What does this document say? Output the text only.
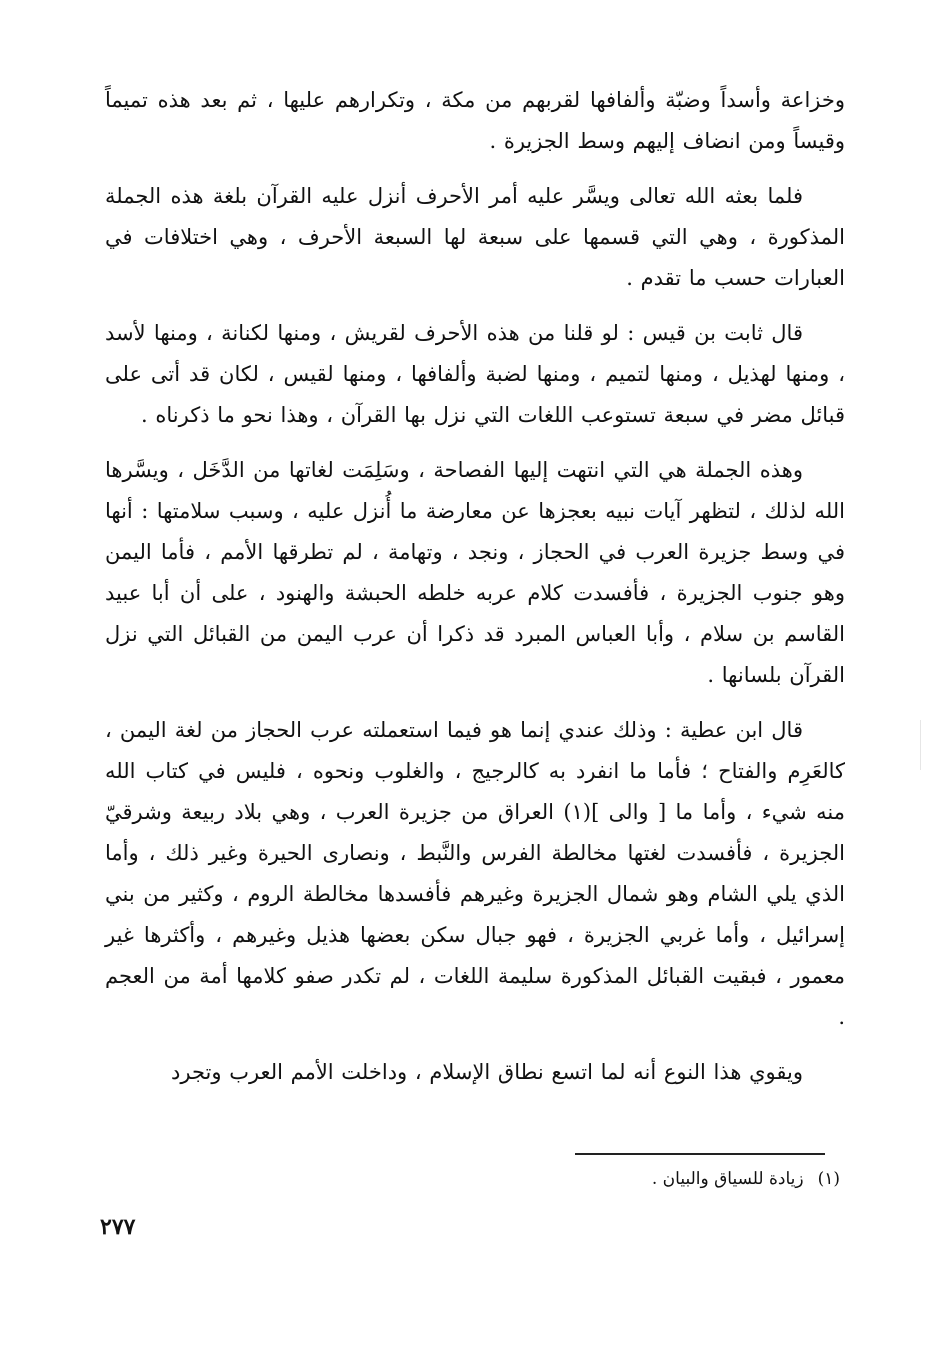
وخزاعة وأسداً وضبّة وألفافها لقربهم من مكة ، وتكرارهم عليها ، ثم بعد هذه تميماً وقيساً ومن انضاف إليهم وسط الجزيرة .

فلما بعثه الله تعالى ويسَّر عليه أمر الأحرف أنزل عليه القرآن بلغة هذه الجملة المذكورة ، وهي التي قسمها على سبعة لها السبعة الأحرف ، وهي اختلافات في العبارات حسب ما تقدم .

قال ثابت بن قيس : لو قلنا من هذه الأحرف لقريش ، ومنها لكنانة ، ومنها لأسد ، ومنها لهذيل ، ومنها لتميم ، ومنها لضبة وألفافها ، ومنها لقيس ، لكان قد أتى على قبائل مضر في سبعة تستوعب اللغات التي نزل بها القرآن ، وهذا نحو ما ذكرناه .

وهذه الجملة هي التي انتهت إليها الفصاحة ، وسَلِمَت لغاتها من الدَّخَل ، ويسَّرها الله لذلك ، لتظهر آيات نبيه بعجزها عن معارضة ما أُنزل عليه ، وسبب سلامتها : أنها في وسط جزيرة العرب في الحجاز ، ونجد ، وتهامة ، لم تطرقها الأمم ، فأما اليمن وهو جنوب الجزيرة ، فأفسدت كلام عربه خلطه الحبشة والهنود ، على أن أبا عبيد القاسم بن سلام ، وأبا العباس المبرد قد ذكرا أن عرب اليمن من القبائل التي نزل القرآن بلسانها .

قال ابن عطية : وذلك عندي إنما هو فيما استعملته عرب الحجاز من لغة اليمن ، كالعَرِم والفتاح ؛ فأما ما انفرد به كالرجيج ، والغلوب ونحوه ، فليس في كتاب الله منه شيء ، وأما ما [ والى ](١) العراق من جزيرة العرب ، وهي بلاد ربيعة وشرقيّ الجزيرة ، فأفسدت لغتها مخالطة الفرس والنَّبط ، ونصارى الحيرة وغير ذلك ، وأما الذي يلي الشام وهو شمال الجزيرة وغيرهم فأفسدها مخالطة الروم ، وكثير من بني إسرائيل ، وأما غربي الجزيرة ، فهو جبال سكن بعضها هذيل وغيرهم ، وأكثرها غير معمور ، فبقيت القبائل المذكورة سليمة اللغات ، لم تكدر صفو كلامها أمة من العجم .

ويقوي هذا النوع أنه لما اتسع نطاق الإسلام ، وداخلت الأمم العرب وتجرد

(١)زيادة للسياق والبيان .
٢٧٧
